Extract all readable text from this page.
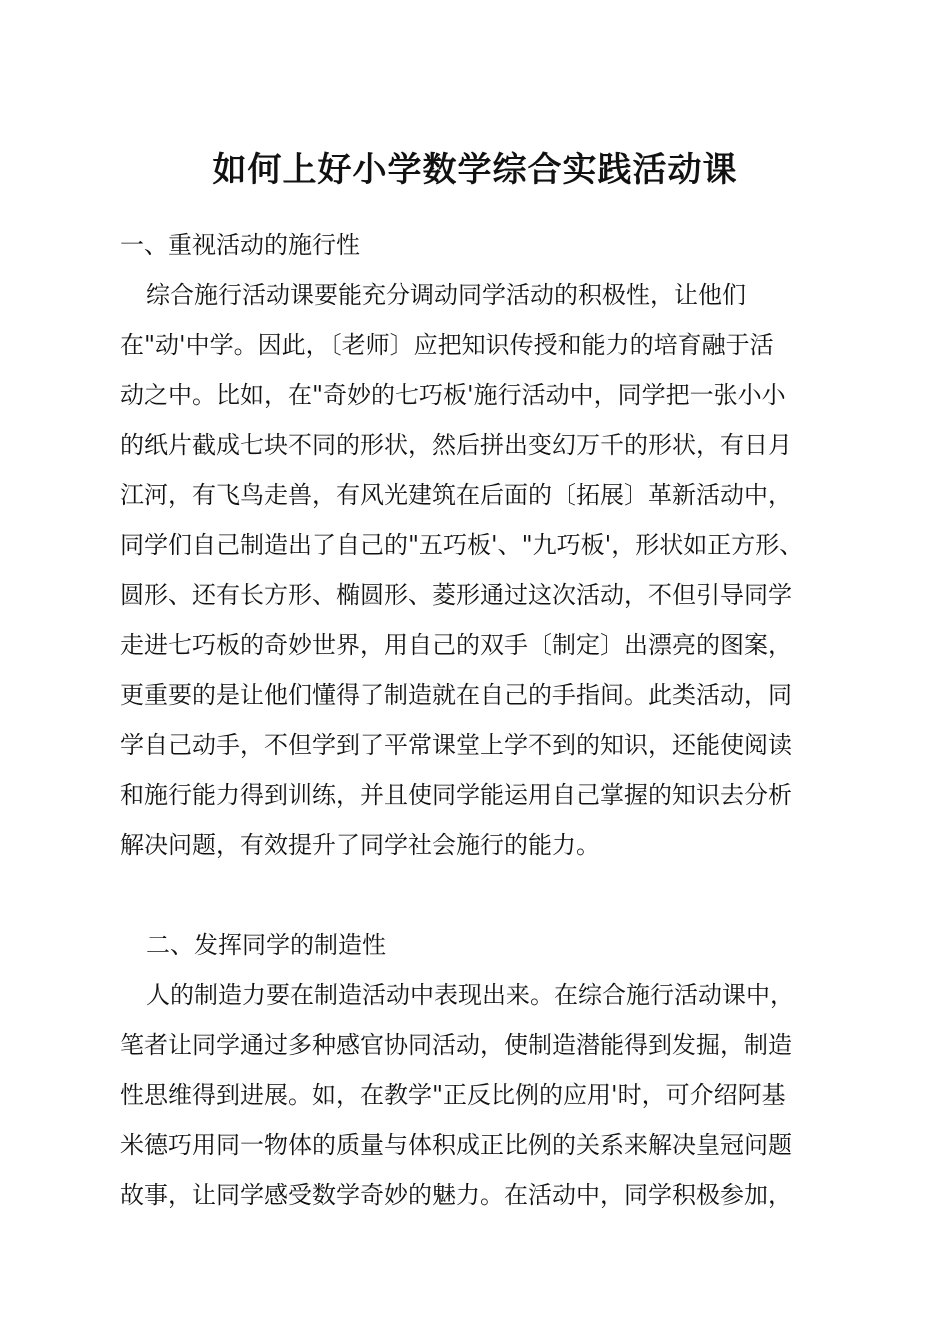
如何上好小学数学综合实践活动课
一、重视活动的施行性
综合施行活动课要能充分调动同学活动的积极性，让他们
在"动'中学。因此，〔老师〕应把知识传授和能力的培育融于活
动之中。比如，在"奇妙的七巧板'施行活动中，同学把一张小小
的纸片截成七块不同的形状，然后拼出变幻万千的形状，有日月
江河，有飞鸟走兽，有风光建筑在后面的〔拓展〕革新活动中，
同学们自己制造出了自己的"五巧板'、"九巧板'，形状如正方形、
圆形、还有长方形、椭圆形、菱形通过这次活动，不但引导同学
走进七巧板的奇妙世界，用自己的双手〔制定〕出漂亮的图案，
更重要的是让他们懂得了制造就在自己的手指间。此类活动，同
学自己动手，不但学到了平常课堂上学不到的知识，还能使阅读
和施行能力得到训练，并且使同学能运用自己掌握的知识去分析
解决问题，有效提升了同学社会施行的能力。
二、发挥同学的制造性
人的制造力要在制造活动中表现出来。在综合施行活动课中，
笔者让同学通过多种感官协同活动，使制造潜能得到发掘，制造
性思维得到进展。如，在教学"正反比例的应用'时，可介绍阿基
米德巧用同一物体的质量与体积成正比例的关系来解决皇冠问题
故事，让同学感受数学奇妙的魅力。在活动中，同学积极参加，
